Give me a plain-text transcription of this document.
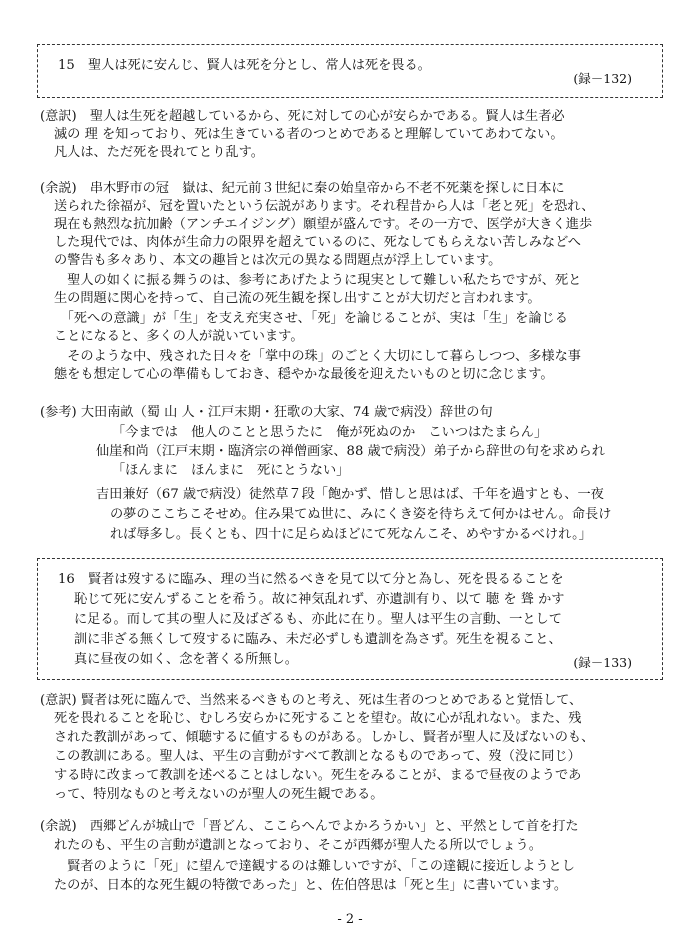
15　聖人は死に安んじ、賢人は死を分とし、常人は死を畏る。
(録－132)
(意訳)　聖人は生死を超越しているから、死に対しての心が安らかである。賢人は生者必
滅の 理 を知っており、死は生きている者のつとめであると理解していてあわてない。
凡人は、ただ死を畏れてとり乱す。
(余説)　串木野市の冠　嶽は、紀元前３世紀に秦の始皇帝から不老不死薬を探しに日本に
送られた徐福が、冠を置いたという伝説があります。それ程昔から人は「老と死」を恐れ、
現在も熱烈な抗加齢（アンチエイジング）願望が盛んです。その一方で、医学が大きく進歩
した現代では、肉体が生命力の限界を超えているのに、死なしてもらえない苦しみなどへ
の警告も多々あり、本文の趣旨とは次元の異なる問題点が浮上しています。
　聖人の如くに振る舞うのは、参考にあげたように現実として難しい私たちですが、死と
生の問題に関心を持って、自己流の死生観を探し出すことが大切だと言われます。
　「死への意識」が「生」を支え充実させ、「死」を論じることが、実は「生」を論じる
ことになると、多くの人が説いています。
　そのような中、残された日々を「掌中の珠」のごとく大切にして暮らしつつ、多様な事
態をも想定して心の準備もしておき、穏やかな最後を迎えたいものと切に念じます。
(参考) 大田南畝（蜀 山 人・江戸末期・狂歌の大家、74 歳で病没）辞世の句
「今までは　他人のことと思うたに　俺が死ぬのか　こいつはたまらん」
仙崖和尚（江戸末期・臨済宗の禅僧画家、88 歳で病没）弟子から辞世の句を求められ
「ほんまに　ほんまに　死にとうない」
吉田兼好（67 歳で病没）徒然草７段「飽かず、惜しと思はば、千年を過すとも、一夜
の夢のここちこそせめ。住み果てぬ世に、みにくき姿を待ちえて何かはせん。命長け
れば辱多し。長くとも、四十に足らぬほどにて死なんこそ、めやすかるべけれ。」
16　賢者は歿するに臨み、理の当に然るべきを見て以て分と為し、死を畏るることを
恥じて死に安んずることを希う。故に神気乱れず、亦遺訓有り、以て 聴 を 聳 かす
に足る。而して其の聖人に及ばざるも、亦此に在り。聖人は平生の言動、一として
訓に非ざる無くして歿するに臨み、未だ必ずしも遺訓を為さず。死生を視ること、
真に昼夜の如く、念を著くる所無し。	(録－133)
(意訳) 賢者は死に臨んで、当然来るべきものと考え、死は生者のつとめであると覚悟して、
死を畏れることを恥じ、むしろ安らかに死することを望む。故に心が乱れない。また、残
された教訓があって、傾聴するに値するものがある。しかし、賢者が聖人に及ばないのも、
この教訓にある。聖人は、平生の言動がすべて教訓となるものであって、歿（没に同じ）
する時に改まって教訓を述べることはしない。死生をみることが、まるで昼夜のようであ
って、特別なものと考えないのが聖人の死生観である。
(余説)　西郷どんが城山で「晋どん、ここらへんでよかろうかい」と、平然として首を打た
れたのも、平生の言動が遺訓となっており、そこが西郷が聖人たる所以でしょう。
　賢者のように「死」に望んで達観するのは難しいですが、「この達観に接近しようとし
たのが、日本的な死生観の特徴であった」と、佐伯啓思は「死と生」に書いています。
- 2 -
